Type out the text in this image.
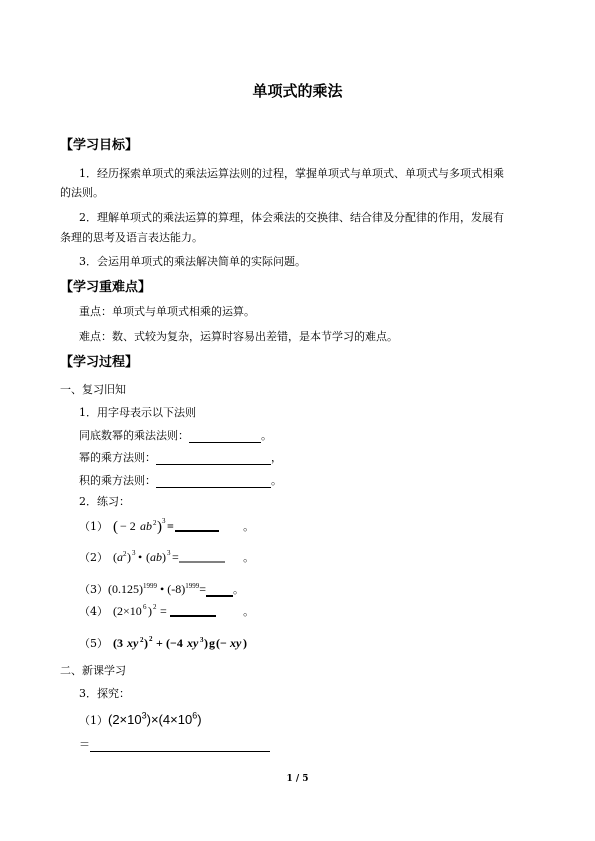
单项式的乘法
【学习目标】
1．经历探索单项式的乘法运算法则的过程，掌握单项式与单项式、单项式与多项式相乘
的法则。
2．理解单项式的乘法运算的算理，体会乘法的交换律、结合律及分配律的作用，发展有
条理的思考及语言表达能力。
3．会运用单项式的乘法解决简单的实际问题。
【学习重难点】
重点：单项式与单项式相乘的运算。
难点：数、式较为复杂，运算时容易出差错，是本节学习的难点。
【学习过程】
一、复习旧知
1．用字母表示以下法则
同底数幂的乘法法则：	。
幂的乘方法则：	，
积的乘方法则：	。
2．练习：
（1） ( − 2 ab 2 ) 3 =	。
（2） ( a 2 ) 3 • ( ab ) 3 =	。
$(3)(0.125)^{1999}$ • $(-8)^{1999}=$ 。
（4） (2×10 6 ) 2 =	。
（5） (3 xy 2 ) 2 + (−4 xy 3 ) g (− xy )
二、新课学习
3．探究：
$(1)(2\times 10^3)\times(4\times 10^6)$
＝
1 / 5
